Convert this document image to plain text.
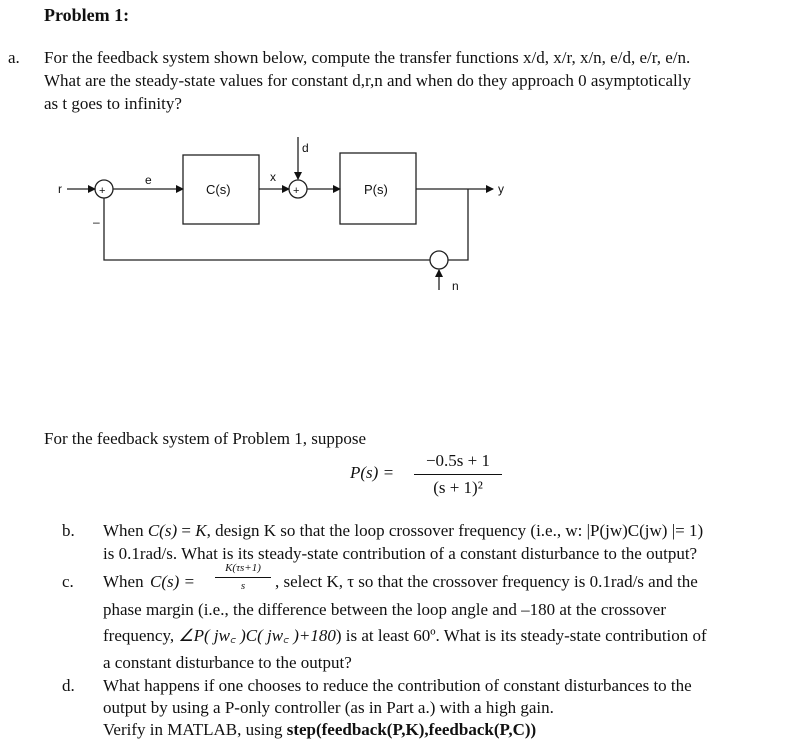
Problem 1:
a. For the feedback system shown below, compute the transfer functions x/d, x/r, x/n, e/d, e/r, e/n.
What are the steady-state values for constant d,r,n and when do they approach 0 asymptotically
as t goes to infinity?
r	+
–
e
C(s)
x
d
+	P(s)	y
n
For the feedback system of Problem 1, suppose
P(s) =
−0.5s + 1
(s + 1)²
b. When C(s) = K, design K so that the loop crossover frequency (i.e., w: |P(jw)C(jw) |= 1)
is 0.1rad/s. What is its steady-state contribution of a constant disturbance to the output?
c. When C(s) =
K(τs+1)
s	, select K, τ so that the crossover frequency is 0.1rad/s and the
phase margin (i.e., the difference between the loop angle and –180 at the crossover
frequency, ∠P( jw꜀ )C( jw꜀ )+180) is at least 60º. What is its steady-state contribution of
a constant disturbance to the output?
d. What happens if one chooses to reduce the contribution of constant disturbances to the
output by using a P-only controller (as in Part a.) with a high gain.
Verify in MATLAB, using step(feedback(P,K),feedback(P,C))
